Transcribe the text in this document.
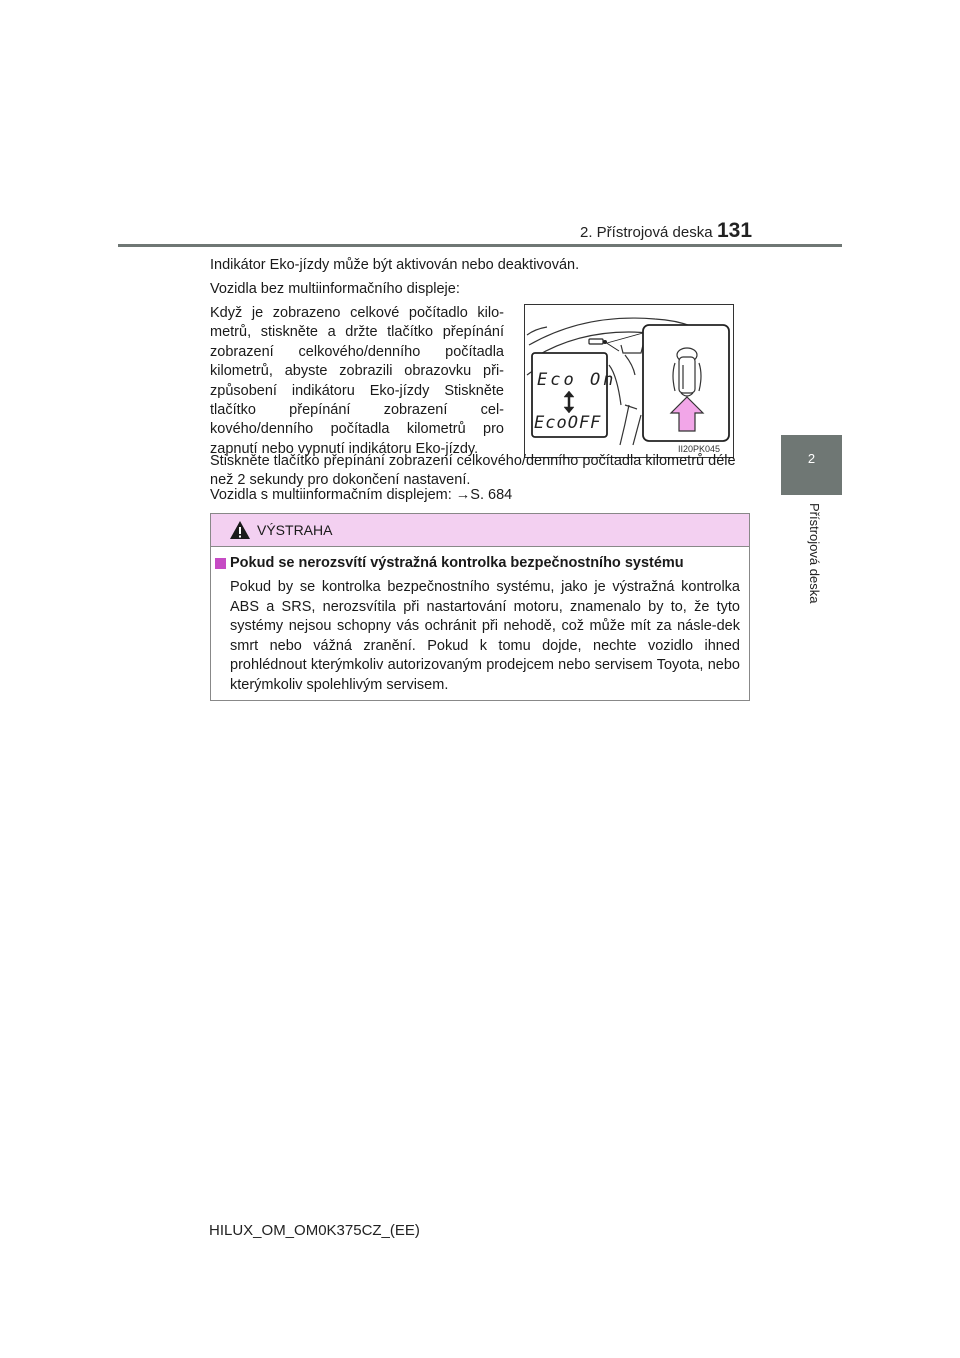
2. Přístrojová deska 131
2
Přístrojová deska
Indikátor Eko-jízdy může být aktivován nebo deaktivován.
Vozidla bez multiinformačního displeje:
Když je zobrazeno celkové počítadlo kilo-metrů, stiskněte a držte tlačítko přepínání zobrazení celkového/denního počítadla kilometrů, abyste zobrazili obrazovku při-způsobení indikátoru Eko-jízdy Stiskněte tlačítko přepínání zobrazení cel-kového/denního počítadla kilometrů pro zapnutí nebo vypnutí indikátoru Eko-jízdy.
Eco On
EcoOFF
II20PK045
Stiskněte tlačítko přepínání zobrazení celkového/denního počítadla kilometrů déle než 2 sekundy pro dokončení nastavení.
Vozidla s multiinformačním displejem: →S. 684
VÝSTRAHA
Pokud se nerozsvítí výstražná kontrolka bezpečnostního systému
Pokud by se kontrolka bezpečnostního systému, jako je výstražná kontrolka ABS a SRS, nerozsvítila při nastartování motoru, znamenalo by to, že tyto systémy nejsou schopny vás ochránit při nehodě, což může mít za násle-dek smrt nebo vážná zranění. Pokud k tomu dojde, nechte vozidlo ihned prohlédnout kterýmkoliv autorizovaným prodejcem nebo servisem Toyota, nebo kterýmkoliv spolehlivým servisem.
HILUX_OM_OM0K375CZ_(EE)
